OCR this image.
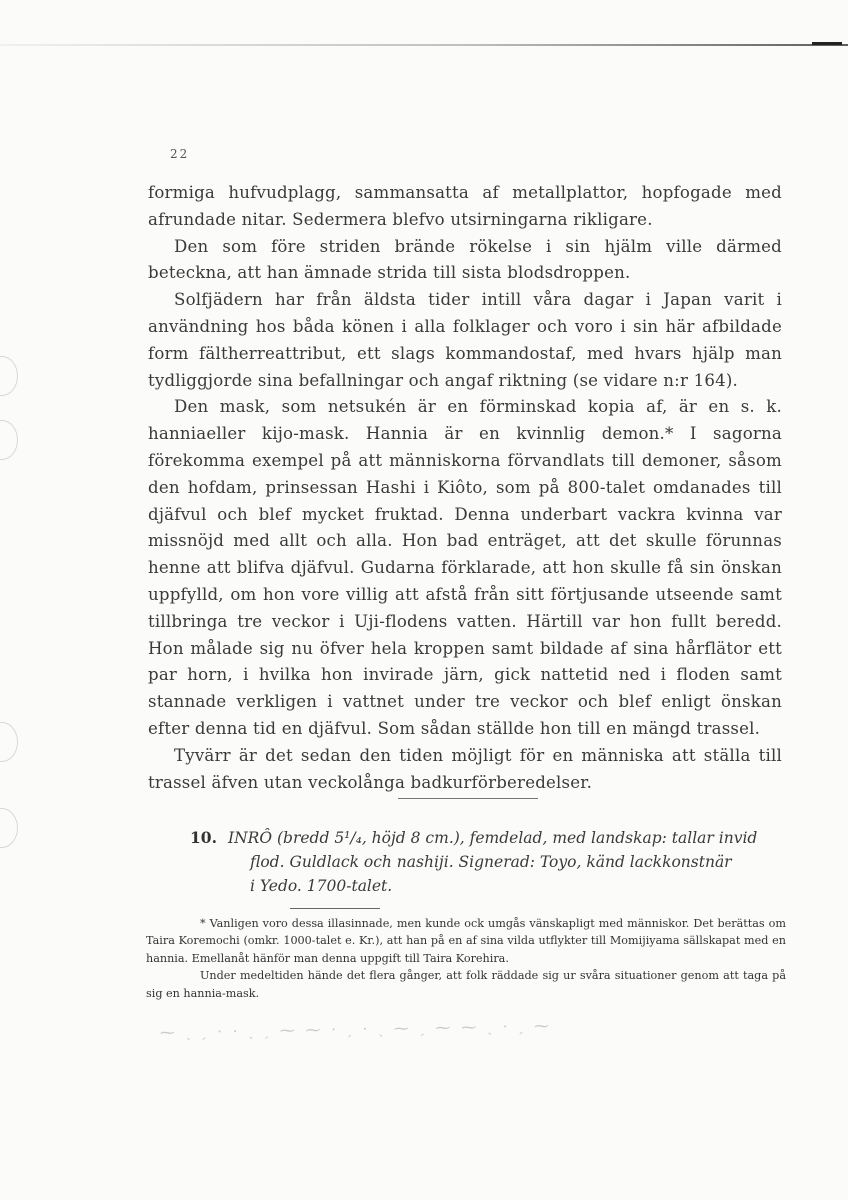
22

formiga hufvudplagg, sammansatta af metallplattor, hopfogade med afrundade nitar. Sedermera blefvo utsirningarna rikligare.

Den som före striden brände rökelse i sin hjälm ville därmed beteckna, att han ämnade strida till sista blodsdroppen.

Solfjädern har från äldsta tider intill våra dagar i Japan varit i användning hos båda könen i alla folklager och voro i sin här afbildade form fältherreattribut, ett slags kommandostaf, med hvars hjälp man tydliggjorde sina befallningar och angaf riktning (se vidare n:r 164).

Den mask, som netsukén är en förminskad kopia af, är en s. k. hanniaeller kijo-mask. Hannia är en kvinnlig demon.* I sagorna förekomma exempel på att människorna förvandlats till demoner, såsom den hofdam, prinsessan Hashi i Kiôto, som på 800-talet omdanades till djäfvul och blef mycket fruktad. Denna underbart vackra kvinna var missnöjd med allt och alla. Hon bad enträget, att det skulle förunnas henne att blifva djäfvul. Gudarna förklarade, att hon skulle få sin önskan uppfylld, om hon vore villig att afstå från sitt förtjusande utseende samt tillbringa tre veckor i Uji-flodens vatten. Härtill var hon fullt beredd. Hon målade sig nu öfver hela kroppen samt bildade af sina hårflätor ett par horn, i hvilka hon invirade järn, gick nattetid ned i floden samt stannade verkligen i vattnet under tre veckor och blef enligt önskan efter denna tid en djäfvul. Som sådan ställde hon till en mängd trassel.

Tyvärr är det sedan den tiden möjligt för en människa att ställa till trassel äfven utan veckolånga badkurförberedelser.

10. INRÔ (bredd 5¹/₄, höjd 8 cm.), femdelad, med landskap: tallar invid
flod. Guldlack och nashiji. Signerad: Toyo, känd lackkonstnär
i Yedo. 1700-talet.

* Vanligen voro dessa illasinnade, men kunde ock umgås vänskapligt med människor. Det berättas om Taira Koremochi (omkr. 1000-talet e. Kr.), att han på en af sina vilda utflykter till Momijiyama sällskapat med en hannia. Emellanåt hänför man denna uppgift till Taira Korehira.

Under medeltiden hände det flera gånger, att folk räddade sig ur svåra situationer genom att taga på sig en hannia-mask.

⁓ ˎ ˏ · · ˎ ˏ ⁓ ⁓ · ˏ · ˎ ⁓ ˏ ⁓ ⁓ ˎ · ˏ ⁓
